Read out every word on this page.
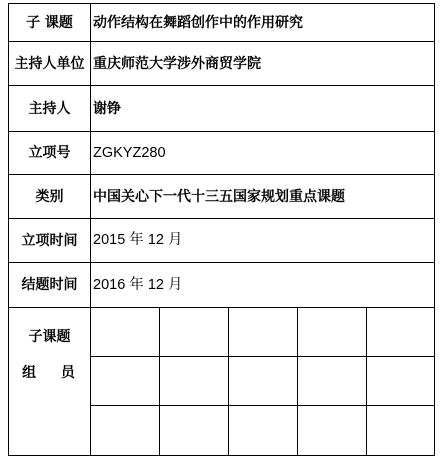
子 课题	动作结构在舞蹈创作中的作用研究
主持人单位 重庆师范大学涉外商贸学院
主持人	谢铮
立项号	ZGKYZ280
类别	中国关心下一代十三五国家规划重点课题
立项时间	2015 年 12 月
结题时间	2016 年 12 月
子课题
组 员
